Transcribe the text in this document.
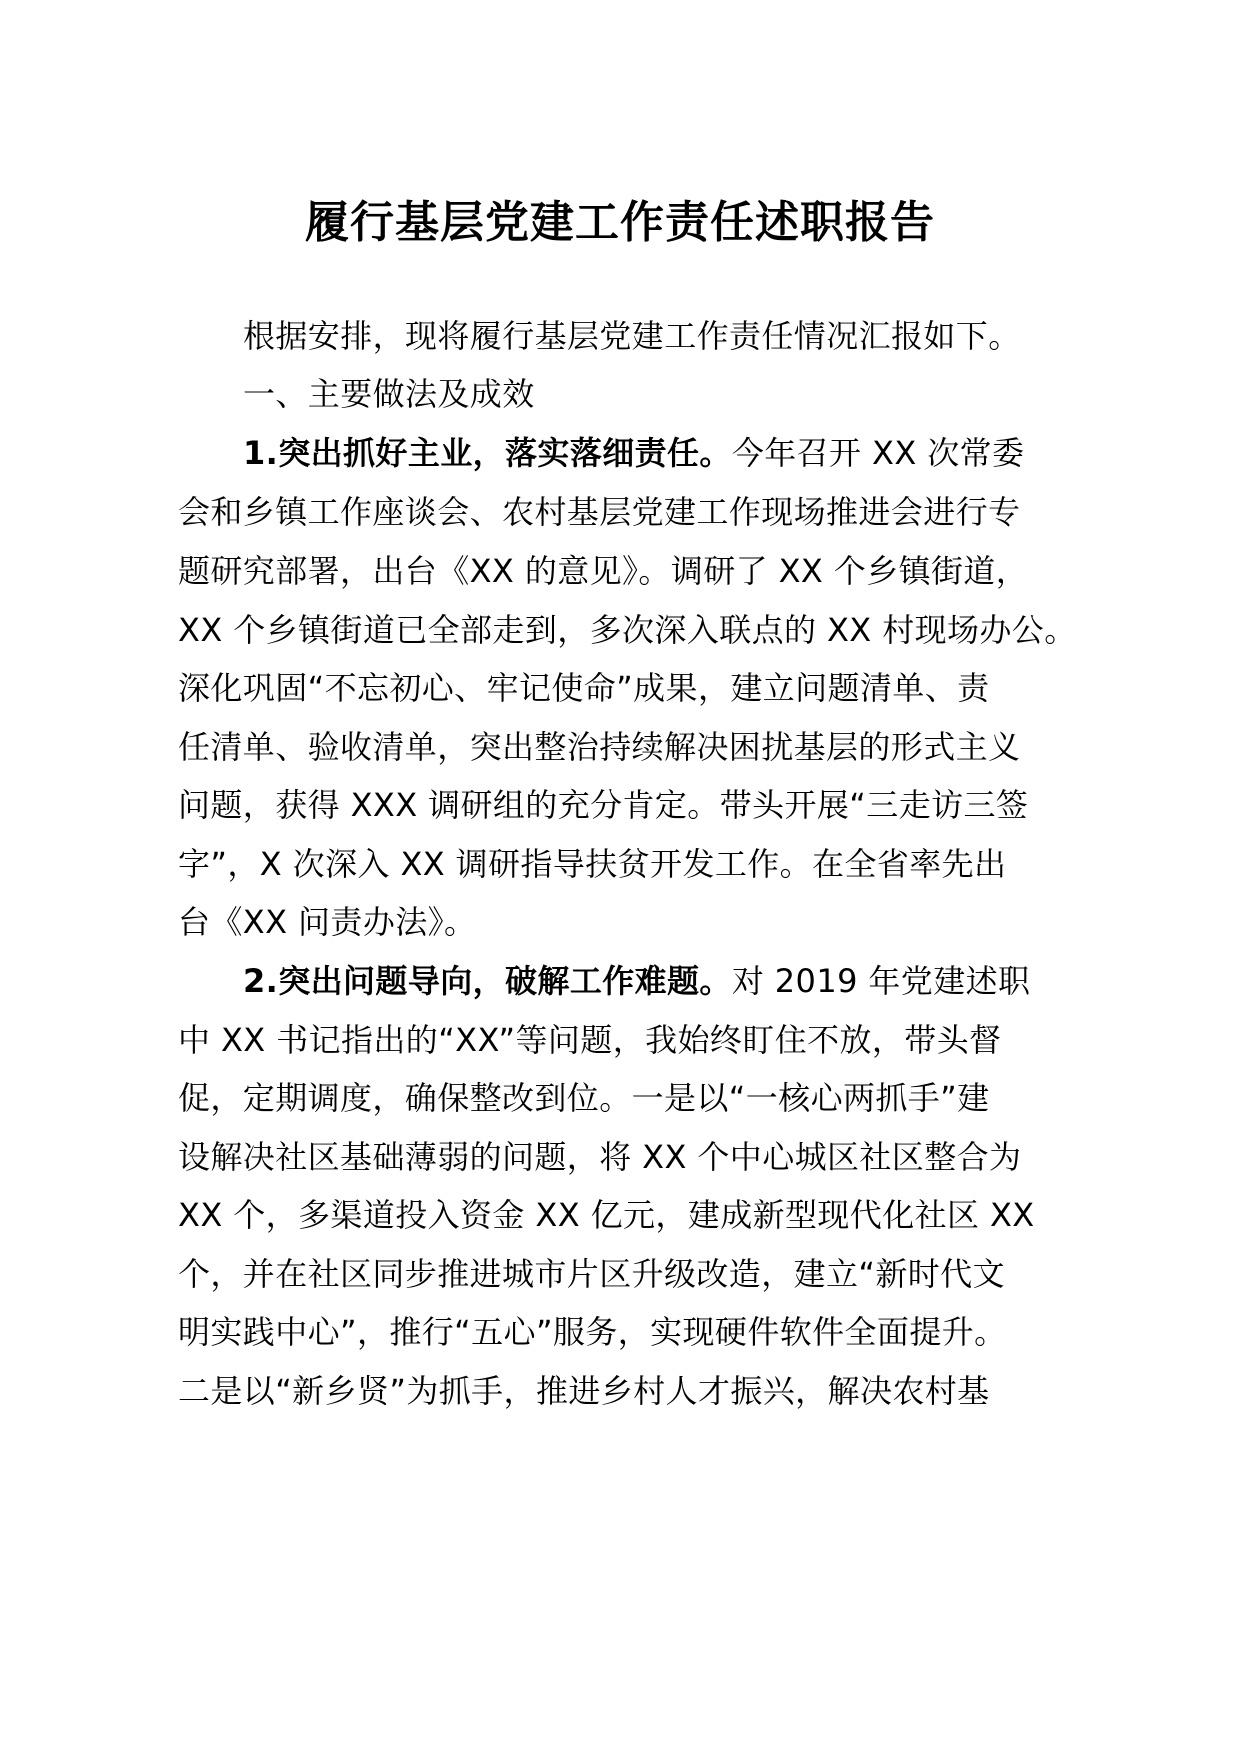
履行基层党建工作责任述职报告
根据安排，现将履行基层党建工作责任情况汇报如下。
一、主要做法及成效
1.突出抓好主业，落实落细责任。今年召开 XX 次常委
会和乡镇工作座谈会、农村基层党建工作现场推进会进行专
题研究部署，出台《XX 的意见》。调研了 XX 个乡镇街道，
XX 个乡镇街道已全部走到，多次深入联点的 XX 村现场办公。
深化巩固“不忘初心、牢记使命”成果，建立问题清单、责
任清单、验收清单，突出整治持续解决困扰基层的形式主义
问题，获得 XXX 调研组的充分肯定。带头开展“三走访三签
字”，X 次深入 XX 调研指导扶贫开发工作。在全省率先出
台《XX 问责办法》。
2.突出问题导向，破解工作难题。对 2019 年党建述职
中 XX 书记指出的“XX”等问题，我始终盯住不放，带头督
促，定期调度，确保整改到位。一是以“一核心两抓手”建
设解决社区基础薄弱的问题，将 XX 个中心城区社区整合为
XX 个，多渠道投入资金 XX 亿元，建成新型现代化社区 XX
个，并在社区同步推进城市片区升级改造，建立“新时代文
明实践中心”，推行“五心”服务，实现硬件软件全面提升。
二是以“新乡贤”为抓手，推进乡村人才振兴，解决农村基
